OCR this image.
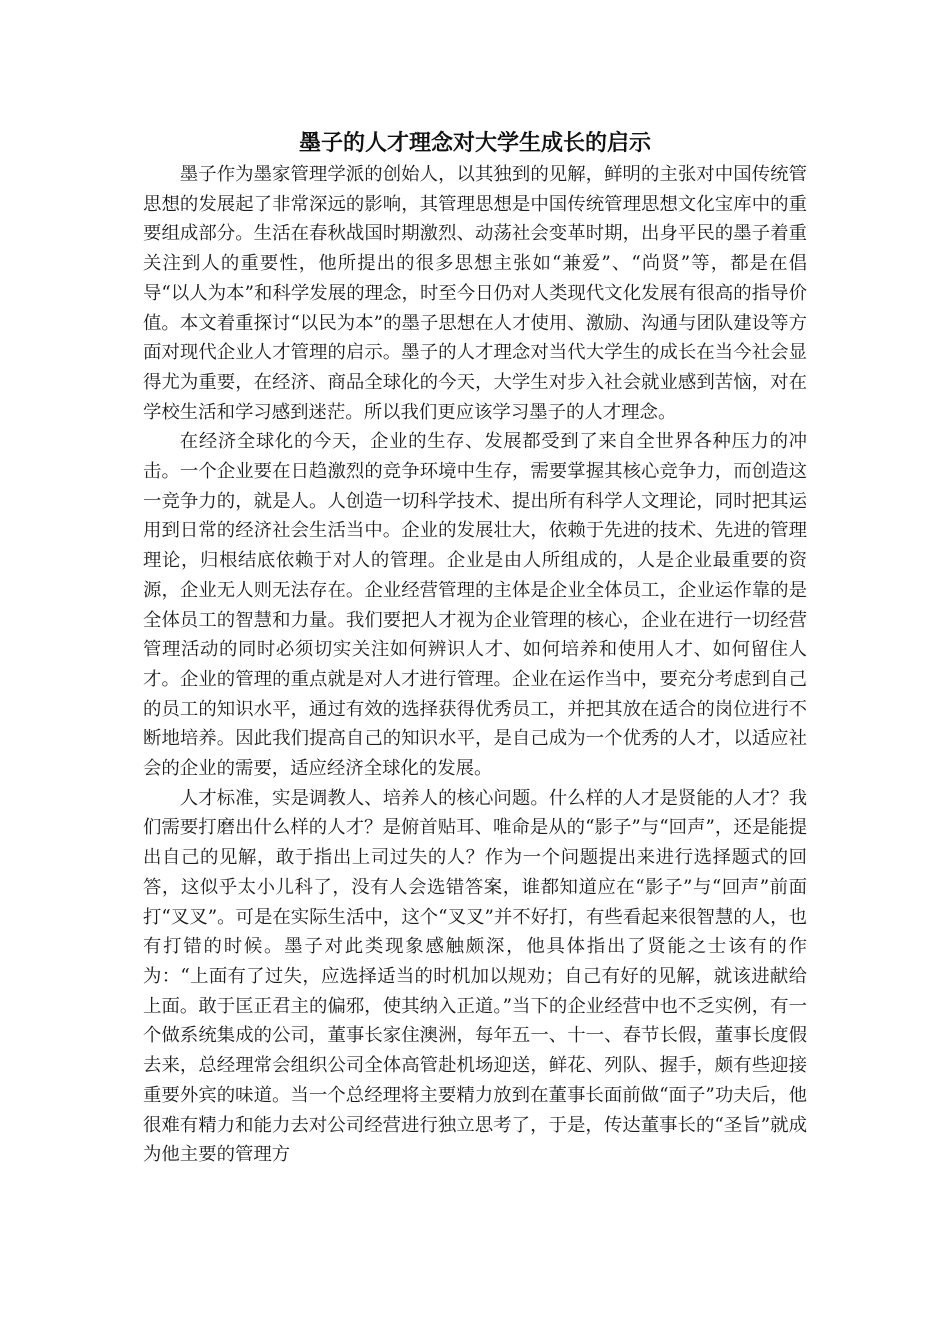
墨子的人才理念对大学生成长的启示

墨子作为墨家管理学派的创始人，以其独到的见解，鲜明的主张对中国传统管思想的发展起了非常深远的影响，其管理思想是中国传统管理思想文化宝库中的重要组成部分。生活在春秋战国时期激烈、动荡社会变革时期，出身平民的墨子着重关注到人的重要性，他所提出的很多思想主张如“兼爱”、“尚贤”等，都是在倡导“以人为本”和科学发展的理念，时至今日仍对人类现代文化发展有很高的指导价值。本文着重探讨“以民为本”的墨子思想在人才使用、激励、沟通与团队建设等方面对现代企业人才管理的启示。墨子的人才理念对当代大学生的成长在当今社会显得尤为重要，在经济、商品全球化的今天，大学生对步入社会就业感到苦恼，对在学校生活和学习感到迷茫。所以我们更应该学习墨子的人才理念。

在经济全球化的今天，企业的生存、发展都受到了来自全世界各种压力的冲击。一个企业要在日趋激烈的竞争环境中生存，需要掌握其核心竞争力，而创造这一竞争力的，就是人。人创造一切科学技术、提出所有科学人文理论，同时把其运用到日常的经济社会生活当中。企业的发展壮大，依赖于先进的技术、先进的管理理论，归根结底依赖于对人的管理。企业是由人所组成的，人是企业最重要的资源，企业无人则无法存在。企业经营管理的主体是企业全体员工，企业运作靠的是全体员工的智慧和力量。我们要把人才视为企业管理的核心，企业在进行一切经营管理活动的同时必须切实关注如何辨识人才、如何培养和使用人才、如何留住人才。企业的管理的重点就是对人才进行管理。企业在运作当中，要充分考虑到自己的员工的知识水平，通过有效的选择获得优秀员工，并把其放在适合的岗位进行不断地培养。因此我们提高自己的知识水平，是自己成为一个优秀的人才，以适应社会的企业的需要，适应经济全球化的发展。

人才标准，实是调教人、培养人的核心问题。什么样的人才是贤能的人才？我们需要打磨出什么样的人才？是俯首贴耳、唯命是从的“影子”与“回声”，还是能提出自己的见解，敢于指出上司过失的人？作为一个问题提出来进行选择题式的回答，这似乎太小儿科了，没有人会选错答案，谁都知道应在“影子”与“回声”前面打“叉叉”。可是在实际生活中，这个“叉叉”并不好打，有些看起来很智慧的人，也有打错的时候。墨子对此类现象感触颇深，他具体指出了贤能之士该有的作为：“上面有了过失，应选择适当的时机加以规劝；自己有好的见解，就该进献给上面。敢于匡正君主的偏邪，使其纳入正道。”当下的企业经营中也不乏实例，有一个做系统集成的公司，董事长家住澳洲，每年五一、十一、春节长假，董事长度假去来，总经理常会组织公司全体高管赴机场迎送，鲜花、列队、握手，颇有些迎接重要外宾的味道。当一个总经理将主要精力放到在董事长面前做“面子”功夫后，他很难有精力和能力去对公司经营进行独立思考了，于是，传达董事长的“圣旨”就成为他主要的管理方
